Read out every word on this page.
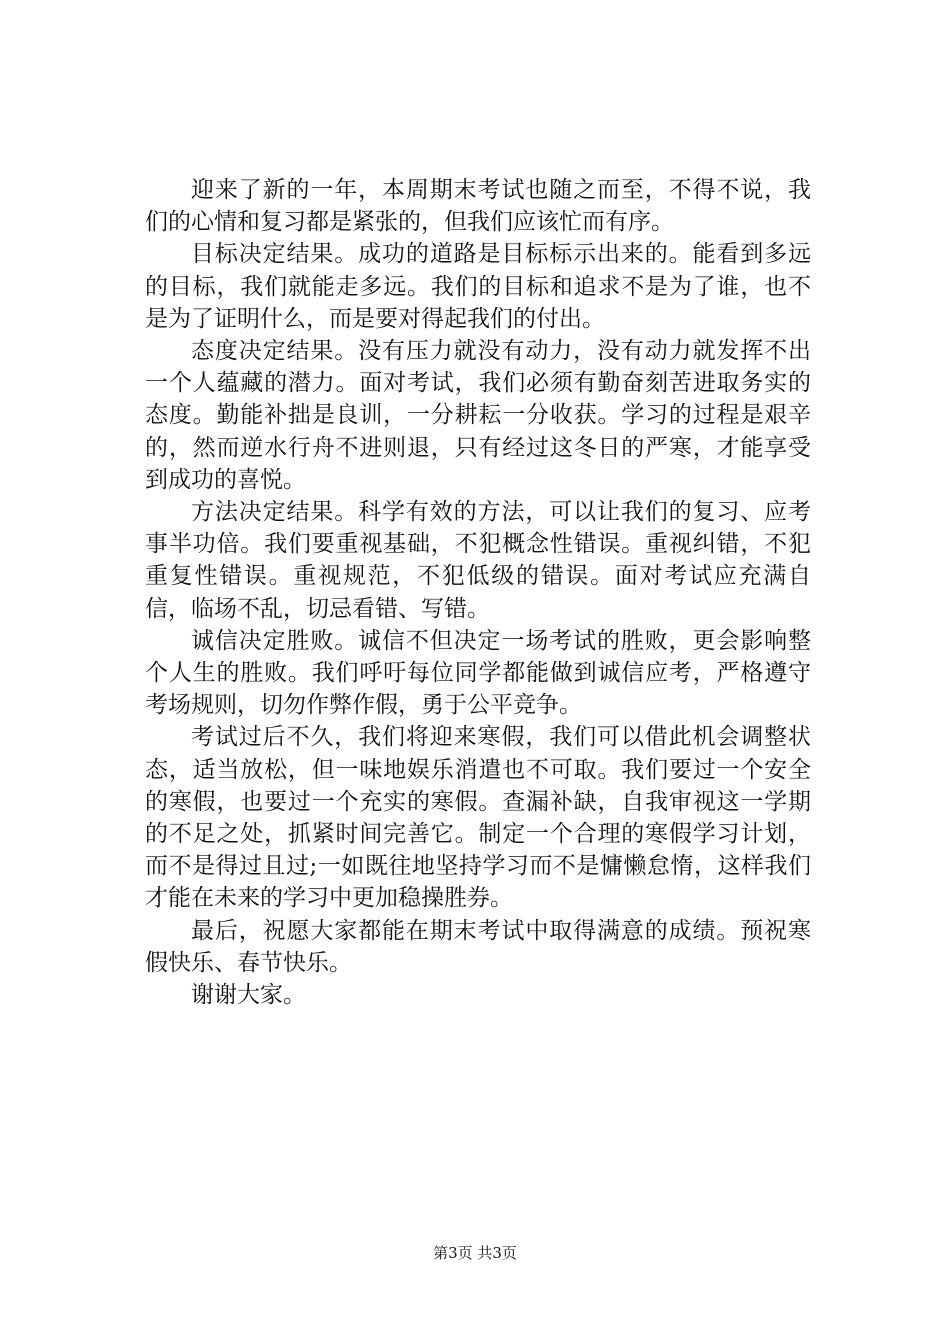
迎来了新的一年，本周期末考试也随之而至，不得不说，我们的心情和复习都是紧张的，但我们应该忙而有序。

目标决定结果。成功的道路是目标标示出来的。能看到多远的目标，我们就能走多远。我们的目标和追求不是为了谁，也不是为了证明什么，而是要对得起我们的付出。

态度决定结果。没有压力就没有动力，没有动力就发挥不出一个人蕴藏的潜力。面对考试，我们必须有勤奋刻苦进取务实的态度。勤能补拙是良训，一分耕耘一分收获。学习的过程是艰辛的，然而逆水行舟不进则退，只有经过这冬日的严寒，才能享受到成功的喜悦。

方法决定结果。科学有效的方法，可以让我们的复习、应考事半功倍。我们要重视基础，不犯概念性错误。重视纠错，不犯重复性错误。重视规范，不犯低级的错误。面对考试应充满自信，临场不乱，切忌看错、写错。

诚信决定胜败。诚信不但决定一场考试的胜败，更会影响整个人生的胜败。我们呼吁每位同学都能做到诚信应考，严格遵守考场规则，切勿作弊作假，勇于公平竞争。

考试过后不久，我们将迎来寒假，我们可以借此机会调整状态，适当放松，但一味地娱乐消遣也不可取。我们要过一个安全的寒假，也要过一个充实的寒假。查漏补缺，自我审视这一学期的不足之处，抓紧时间完善它。制定一个合理的寒假学习计划，而不是得过且过;一如既往地坚持学习而不是慵懒怠惰，这样我们才能在未来的学习中更加稳操胜券。

最后，祝愿大家都能在期末考试中取得满意的成绩。预祝寒假快乐、春节快乐。

谢谢大家。

第3页 共3页
